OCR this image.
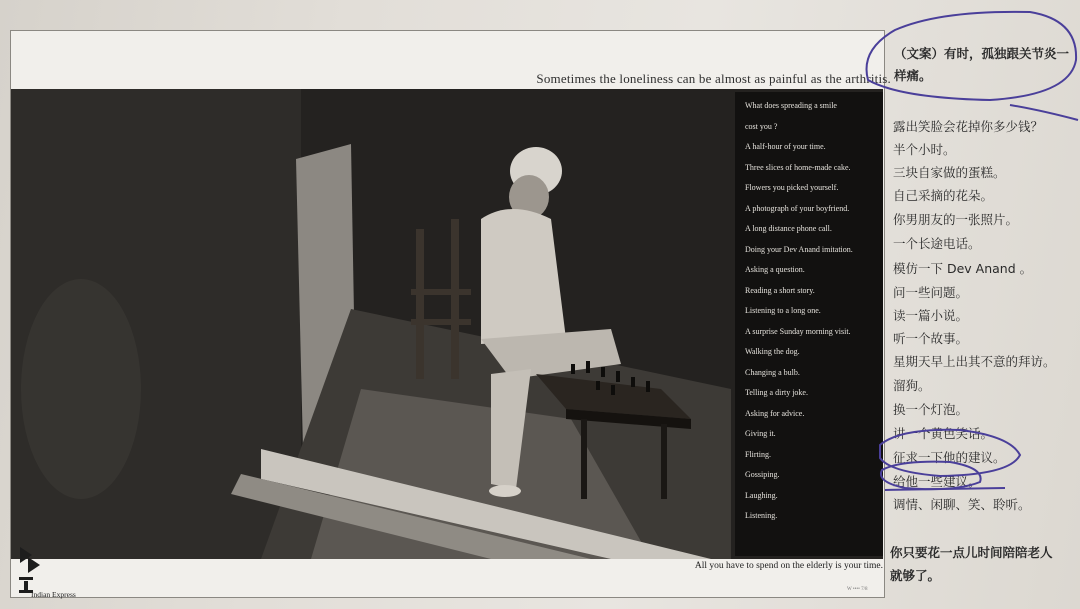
Sometimes the loneliness can be almost as painful as the arthritis.
What does spreading a smile
cost you ?
A half-hour of your time.
Three slices of home-made cake.
Flowers you picked yourself.
A photograph of your boyfriend.
A long distance phone call.
Doing your Dev Anand imitation.
Asking a question.
Reading a short story.
Listening to a long one.
A surprise Sunday morning visit.
Walking the dog.
Changing a bulb.
Telling a dirty joke.
Asking for advice.
Giving it.
Flirting.
Gossiping.
Laughing.
Listening.
All you have to spend on the elderly is your time.
Indian Express
W •••• 7/8
（文案）有时，孤独跟关节炎一
样痛。
露出笑脸会花掉你多少钱？
半个小时。
三块自家做的蛋糕。
自己采摘的花朵。
你男朋友的一张照片。
一个长途电话。
模仿一下 Dev Anand 。
问一些问题。
读一篇小说。
听一个故事。
星期天早上出其不意的拜访。
溜狗。
换一个灯泡。
讲一个黄色笑话。
征求一下他的建议。
给他一些建议。
调情、闲聊、笑、聆听。
你只要花一点儿时间陪陪老人
就够了。
